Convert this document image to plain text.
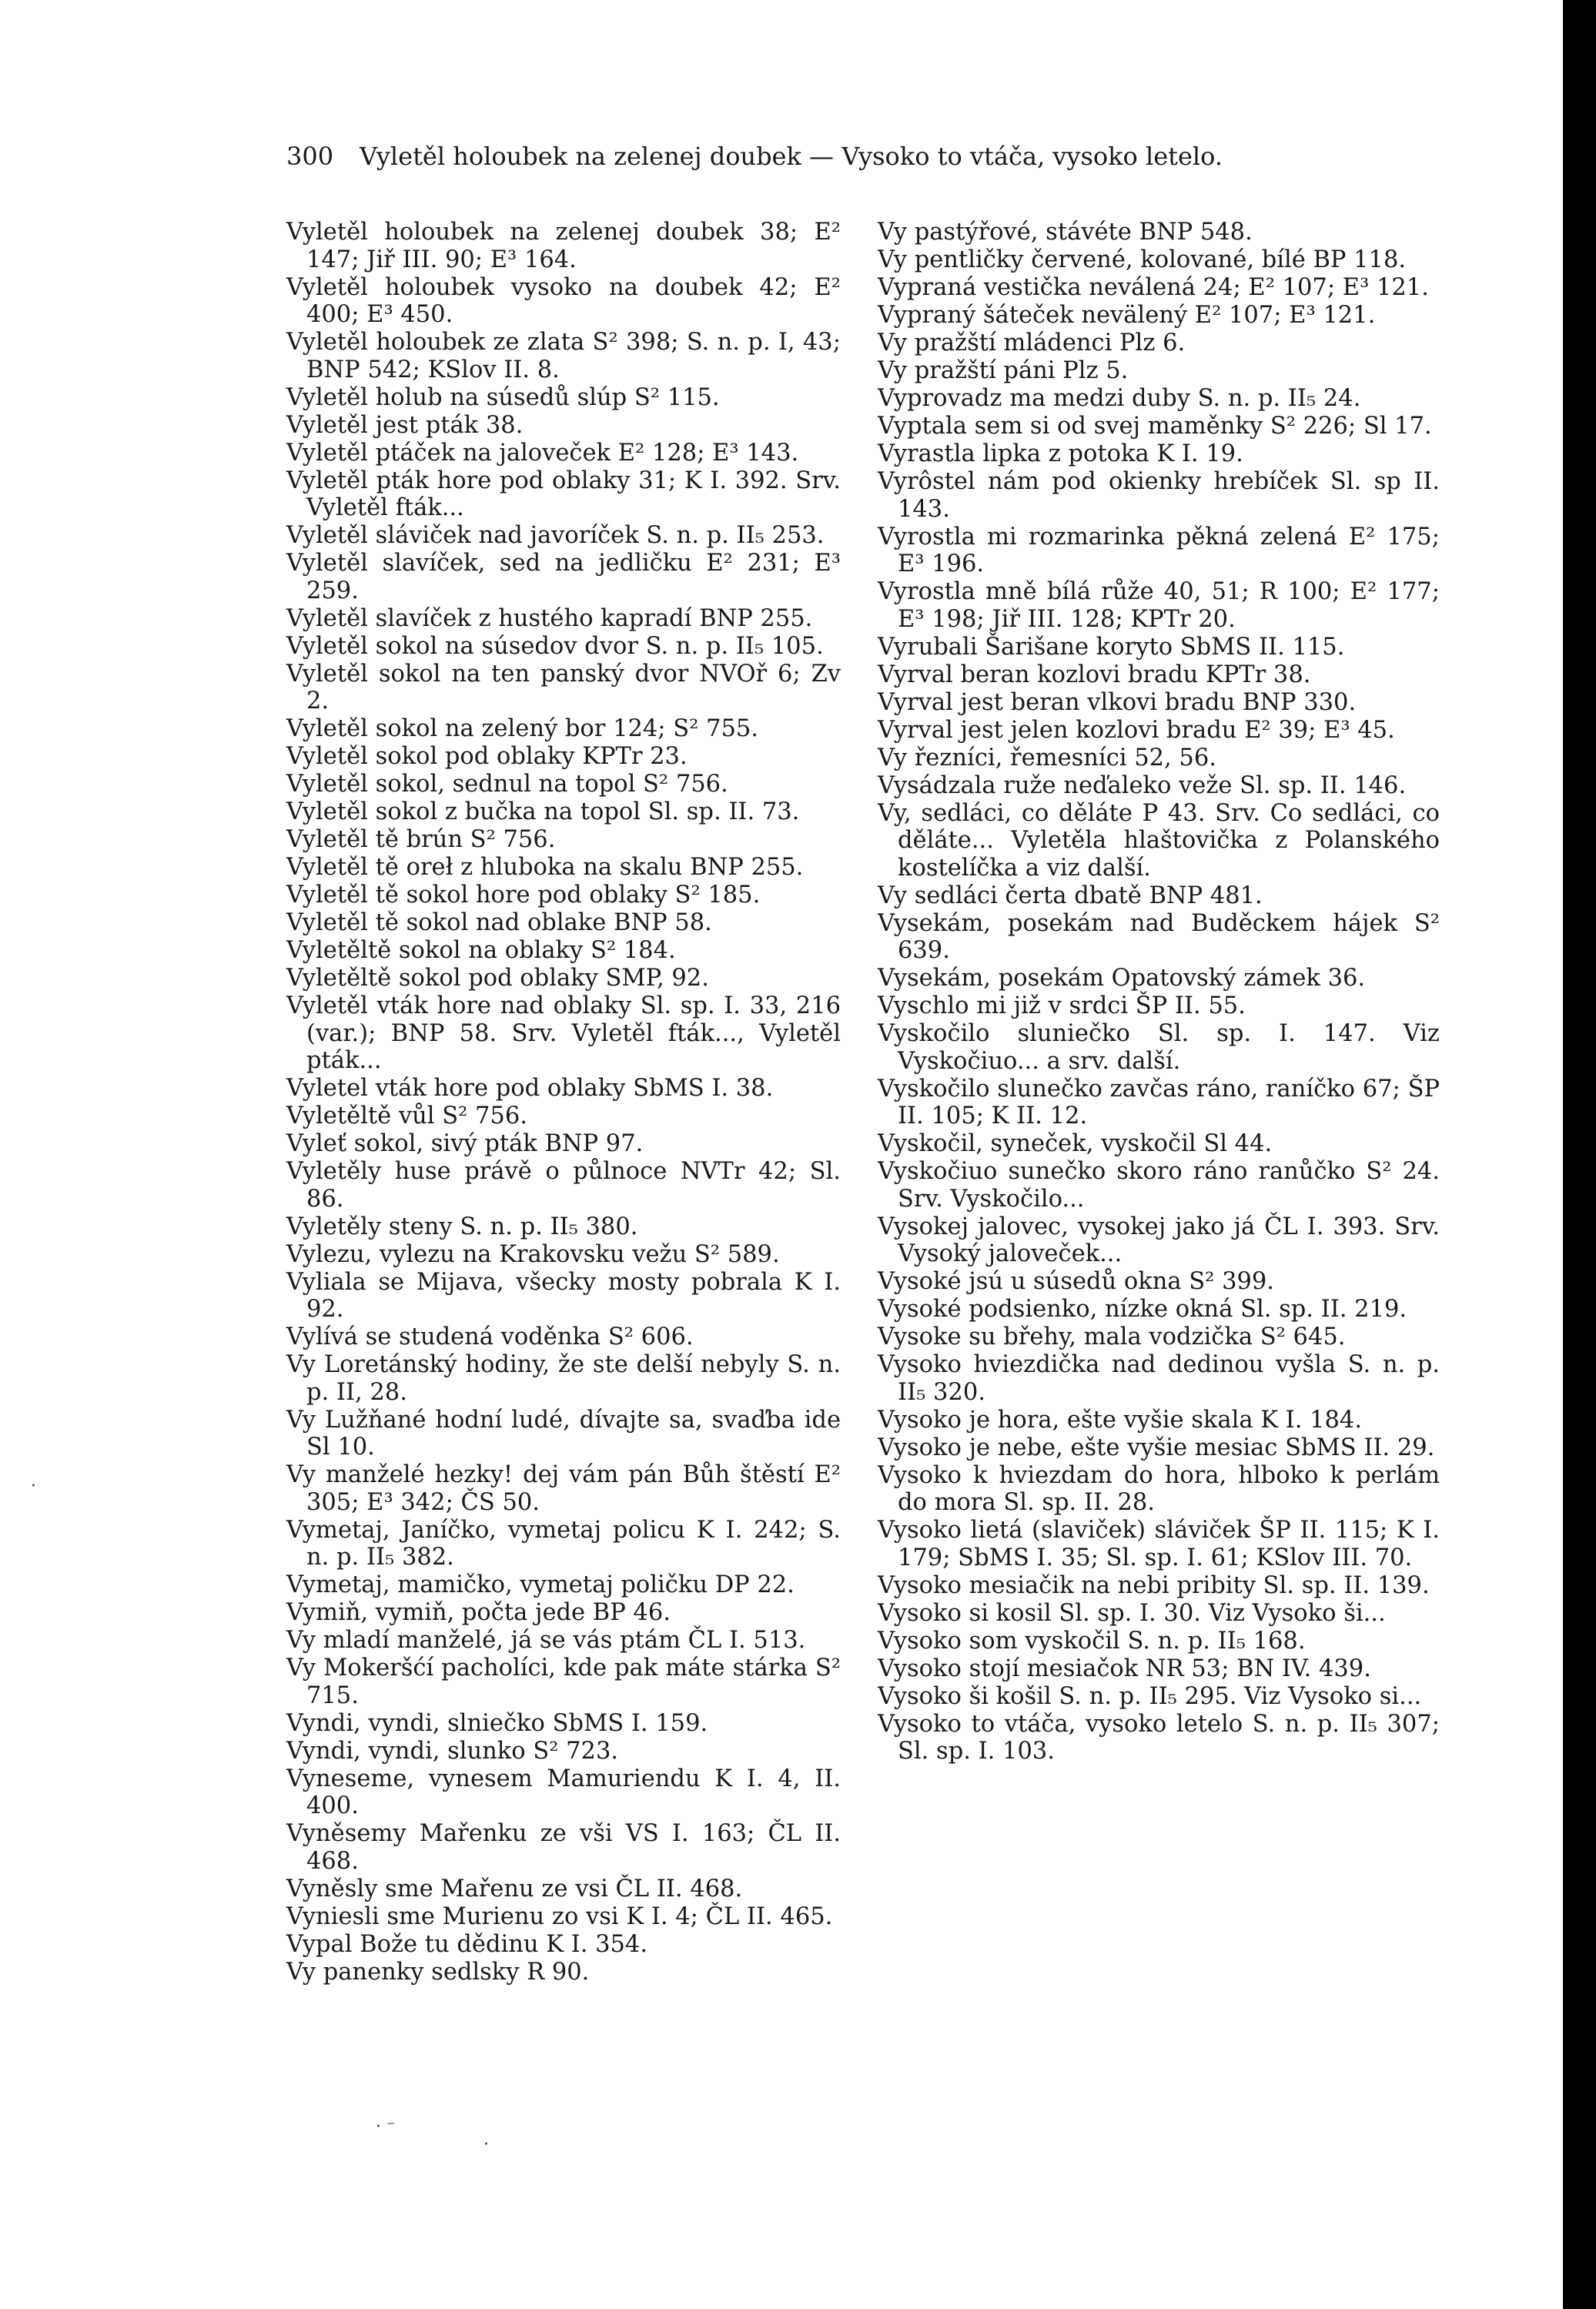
300 Vyletěl holoubek na zelenej doubek — Vysoko to vtáča, vysoko letelo.
Vyletěl holoubek na zelenej doubek 38; E² 147; Jiř III. 90; E³ 164.
Vyletěl holoubek vysoko na doubek 42; E² 400; E³ 450.
Vyletěl holoubek ze zlata S² 398; S. n. p. I, 43; BNP 542; KSlov II. 8.
Vyletěl holub na súsedů slúp S² 115.
Vyletěl jest pták 38.
Vyletěl ptáček na jaloveček E² 128; E³ 143.
Vyletěl pták hore pod oblaky 31; K I. 392. Srv. Vyletěl fták...
Vyletěl sláviček nad javoríček S. n. p. II₅ 253.
Vyletěl slavíček, sed na jedličku E² 231; E³ 259.
Vyletěl slavíček z hustého kapradí BNP 255.
Vyletěl sokol na súsedov dvor S. n. p. II₅ 105.
Vyletěl sokol na ten panský dvor NVOř 6; Zv 2.
Vyletěl sokol na zelený bor 124; S² 755.
Vyletěl sokol pod oblaky KPTr 23.
Vyletěl sokol, sednul na topol S² 756.
Vyletěl sokol z bučka na topol Sl. sp. II. 73.
Vyletěl tě brún S² 756.
Vyletěl tě oreł z hluboka na skalu BNP 255.
Vyletěl tě sokol hore pod oblaky S² 185.
Vyletěl tě sokol nad oblake BNP 58.
Vyletěltě sokol na oblaky S² 184.
Vyletěltě sokol pod oblaky SMP, 92.
Vyletěl vták hore nad oblaky Sl. sp. I. 33, 216 (var.); BNP 58. Srv. Vyletěl fták..., Vyletěl pták...
Vyletel vták hore pod oblaky SbMS I. 38.
Vyletěltě vůl S² 756.
Vyleť sokol, sivý pták BNP 97.
Vyletěly huse právě o půlnoce NVTr 42; Sl. 86.
Vyletěly steny S. n. p. II₅ 380.
Vylezu, vylezu na Krakovsku vežu S² 589.
Vyliala se Mijava, všecky mosty pobrala K I. 92.
Vylívá se studená voděnka S² 606.
Vy Loretánský hodiny, že ste delší nebyly S. n. p. II, 28.
Vy Lužňané hodní ludé, dívajte sa, svaďba ide Sl 10.
Vy manželé hezky! dej vám pán Bůh štěstí E² 305; E³ 342; ČS 50.
Vymetaj, Janíčko, vymetaj policu K I. 242; S. n. p. II₅ 382.
Vymetaj, mamičko, vymetaj poličku DP 22.
Vymiň, vymiň, počta jede BP 46.
Vy mladí manželé, já se vás ptám ČL I. 513.
Vy Mokeršćí pacholíci, kde pak máte stárka S² 715.
Vyndi, vyndi, slniečko SbMS I. 159.
Vyndi, vyndi, slunko S² 723.
Vyneseme, vynesem Mamuriendu K I. 4, II. 400.
Vyněsemy Mařenku ze vši VS I. 163; ČL II. 468.
Vyněsly sme Mařenu ze vsi ČL II. 468.
Vyniesli sme Murienu zo vsi K I. 4; ČL II. 465.
Vypal Bože tu dědinu K I. 354.
Vy panenky sedlsky R 90.
Vy pastýřové, stávéte BNP 548.
Vy pentličky červené, kolované, bílé BP 118.
Vypraná vestička neválená 24; E² 107; E³ 121.
Vypraný šáteček nevälený E² 107; E³ 121.
Vy pražští mládenci Plz 6.
Vy pražští páni Plz 5.
Vyprovadz ma medzi duby S. n. p. II₅ 24.
Vyptala sem si od svej maměnky S² 226; Sl 17.
Vyrastla lipka z potoka K I. 19.
Vyrôstel nám pod okienky hrebíček Sl. sp II. 143.
Vyrostla mi rozmarinka pěkná zelená E² 175; E³ 196.
Vyrostla mně bílá růže 40, 51; R 100; E² 177; E³ 198; Jiř III. 128; KPTr 20.
Vyrubali Šarišane koryto SbMS II. 115.
Vyrval beran kozlovi bradu KPTr 38.
Vyrval jest beran vlkovi bradu BNP 330.
Vyrval jest jelen kozlovi bradu E² 39; E³ 45.
Vy řezníci, řemesníci 52, 56.
Vysádzala ruže neďaleko veže Sl. sp. II. 146.
Vy, sedláci, co děláte P 43. Srv. Co sedláci, co děláte... Vyletěla hlaštovička z Polanského kostelíčka a viz další.
Vy sedláci čerta dbatě BNP 481.
Vysekám, posekám nad Buděckem hájek S² 639.
Vysekám, posekám Opatovský zámek 36.
Vyschlo mi již v srdci ŠP II. 55.
Vyskočilo sluniečko Sl. sp. I. 147. Viz Vyskočiuo... a srv. další.
Vyskočilo slunečko zavčas ráno, raníčko 67; ŠP II. 105; K II. 12.
Vyskočil, syneček, vyskočil Sl 44.
Vyskočiuo sunečko skoro ráno ranůčko S² 24. Srv. Vyskočilo...
Vysokej jalovec, vysokej jako já ČL I. 393. Srv. Vysoký jaloveček...
Vysoké jsú u súsedů okna S² 399.
Vysoké podsienko, nízke okná Sl. sp. II. 219.
Vysoke su břehy, mala vodzička S² 645.
Vysoko hviezdička nad dedinou vyšla S. n. p. II₅ 320.
Vysoko je hora, ešte vyšie skala K I. 184.
Vysoko je nebe, ešte vyšie mesiac SbMS II. 29.
Vysoko k hviezdam do hora, hlboko k perlám do mora Sl. sp. II. 28.
Vysoko lietá (slaviček) sláviček ŠP II. 115; K I. 179; SbMS I. 35; Sl. sp. I. 61; KSlov III. 70.
Vysoko mesiačik na nebi pribity Sl. sp. II. 139.
Vysoko si kosil Sl. sp. I. 30. Viz Vysoko ši...
Vysoko som vyskočil S. n. p. II₅ 168.
Vysoko stojí mesiačok NR 53; BN IV. 439.
Vysoko ši košil S. n. p. II₅ 295. Viz Vysoko si...
Vysoko to vtáča, vysoko letelo S. n. p. II₅ 307; Sl. sp. I. 103.
·
· ⁻
·
